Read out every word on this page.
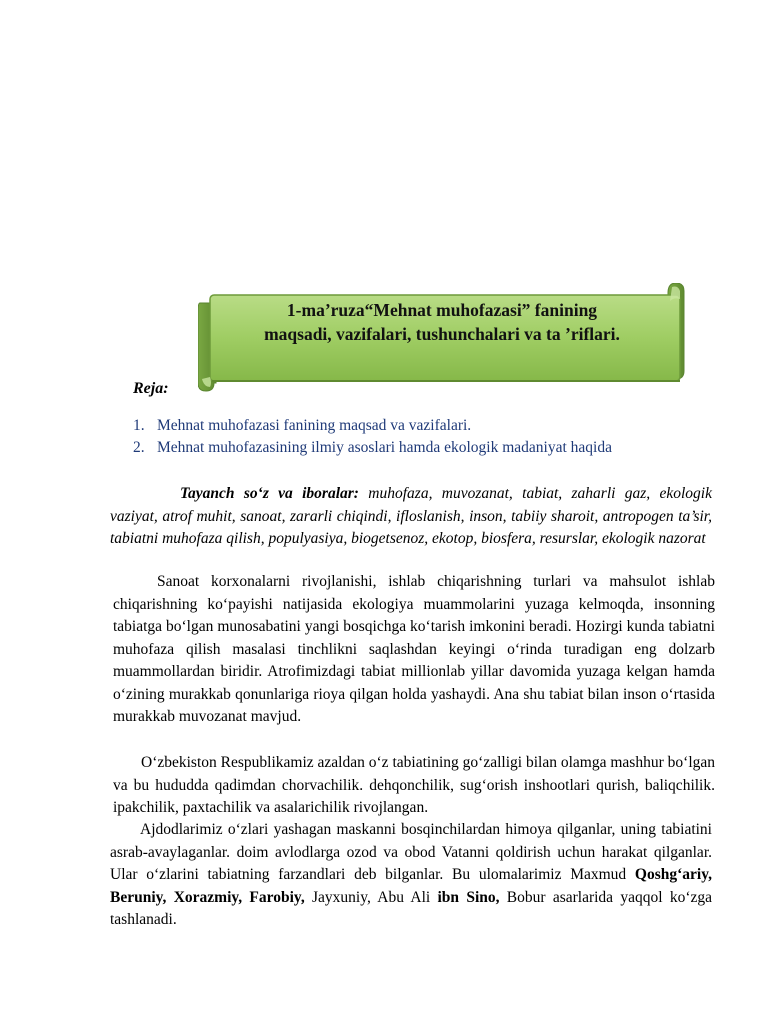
1-ma’ruza“Mehnat muhofazasi” fanining
maqsadi, vazifalari, tushunchalari va ta ’riflari.
Reja:
1. Mehnat muhofazasi fanining maqsad va vazifalari.
2. Mehnat muhofazasining ilmiy asoslari hamda ekologik madaniyat haqida

Tayanch so‘z va iboralar: muhofaza, muvozanat, tabiat, zaharli gaz, ekologik vaziyat, atrof muhit, sanoat, zararli chiqindi, ifloslanish, inson, tabiiy sharoit, antropogen ta’sir, tabiatni muhofaza qilish, populyasiya, biogetsenoz, ekotop, biosfera, resurslar, ekologik nazorat

Sanoat korxonalarni rivojlanishi, ishlab chiqarishning turlari va mahsulot ishlab chiqarishning ko‘payishi natijasida ekologiya muammolarini yuzaga kelmoqda, insonning tabiatga bo‘lgan munosabatini yangi bosqichga ko‘tarish imkonini beradi. Hozirgi kunda tabiatni muhofaza qilish masalasi tinchlikni saqlashdan keyingi o‘rinda turadigan eng dolzarb muammollardan biridir. Atrofimizdagi tabiat millionlab yillar davomida yuzaga kelgan hamda o‘zining murakkab qonunlariga rioya qilgan holda yashaydi. Ana shu tabiat bilan inson o‘rtasida murakkab muvozanat mavjud.

O‘zbekiston Respublikamiz azaldan o‘z tabiatining go‘zalligi bilan olamga mashhur bo‘lgan va bu hududda qadimdan chorvachilik. dehqonchilik, sug‘orish inshootlari qurish, baliqchilik. ipakchilik, paxtachilik va asalarichilik rivojlangan.

Ajdodlarimiz o‘zlari yashagan maskanni bosqinchilardan himoya qilganlar, uning tabiatini asrab-avaylaganlar. doim avlodlarga ozod va obod Vatanni qoldirish uchun harakat qilganlar. Ular o‘zlarini tabiatning farzandlari deb bilganlar. Bu ulomalarimiz Maxmud Qoshg‘ariy, Beruniy, Xorazmiy, Farobiy, Jayxuniy, Abu Ali ibn Sino, Bobur asarlarida yaqqol ko‘zga tashlanadi.
